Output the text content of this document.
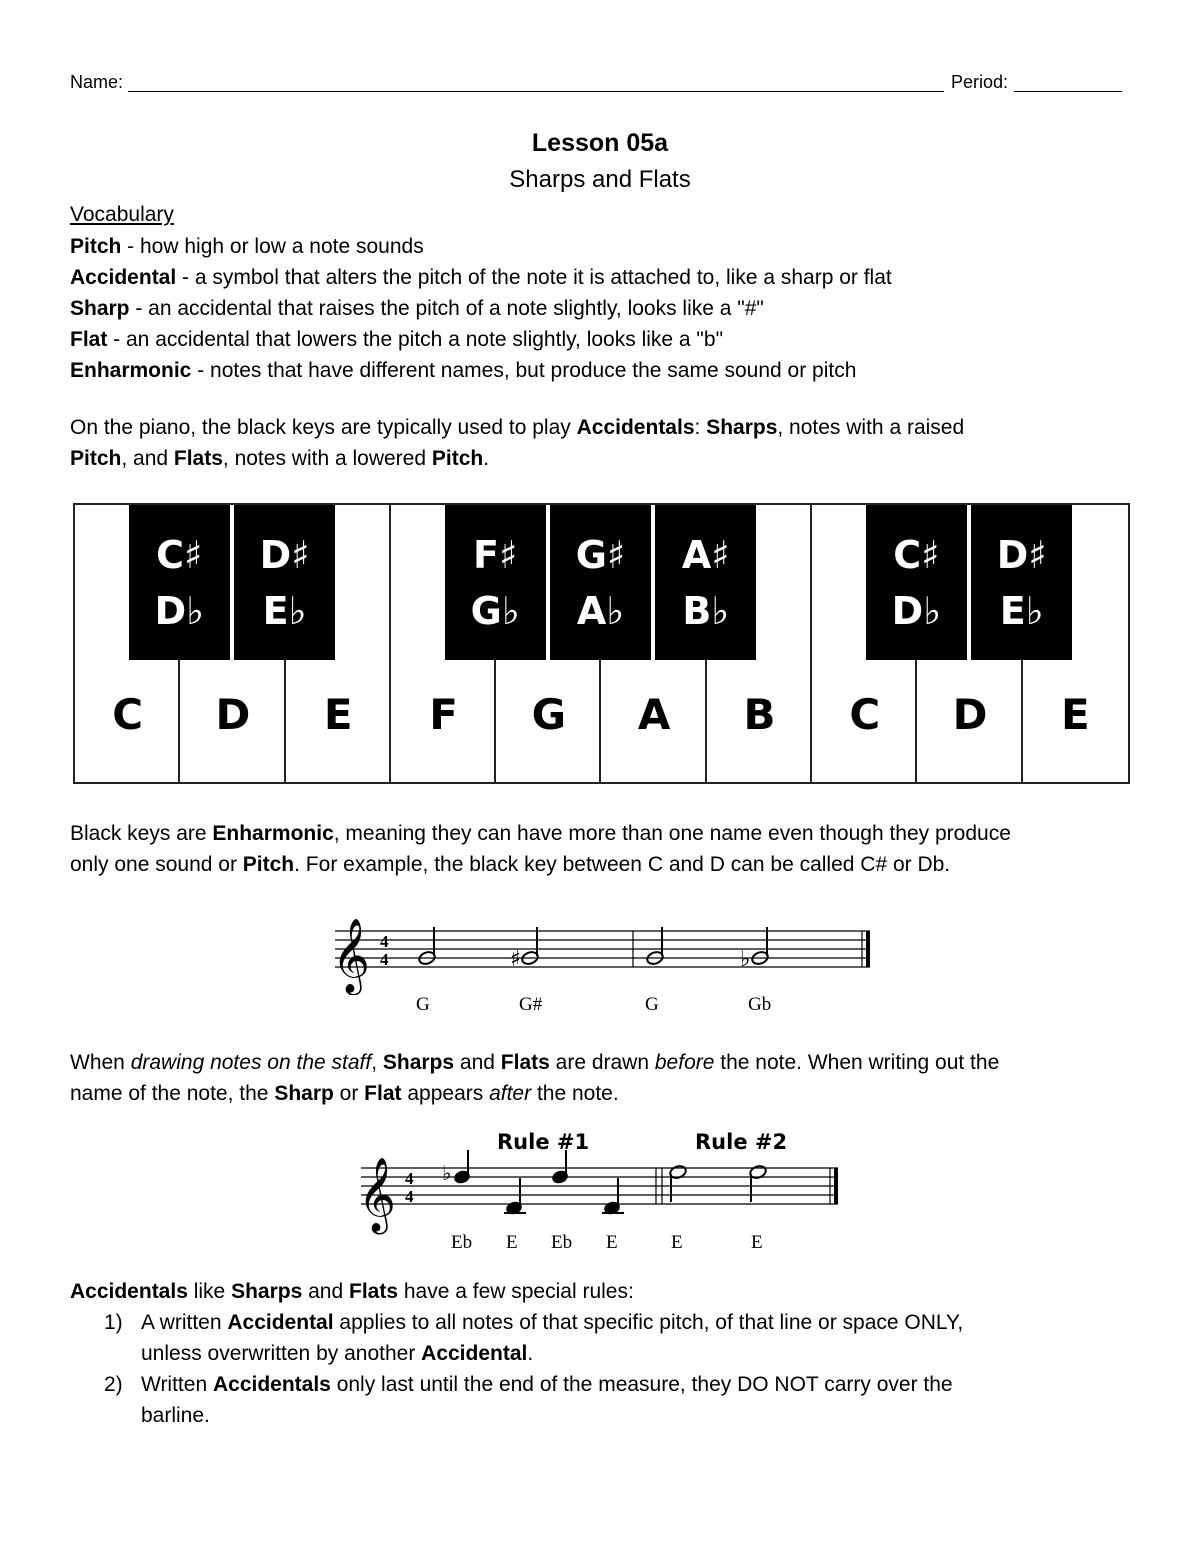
Name:	Period:
Lesson 05a
Sharps and Flats
Vocabulary
Pitch - how high or low a note sounds
Accidental - a symbol that alters the pitch of the note it is attached to, like a sharp or flat
Sharp - an accidental that raises the pitch of a note slightly, looks like a "#"
Flat - an accidental that lowers the pitch a note slightly, looks like a "b"
Enharmonic - notes that have different names, but produce the same sound or pitch
On the piano, the black keys are typically used to play Accidentals: Sharps, notes with a raised
Pitch, and Flats, notes with a lowered Pitch.
C	D	E	F	G	A	B	C	D	E
C♯
D♭
D♯
E♭
F♯
G♭
G♯
A♭
A♯
B♭
C♯
D♭
D♯
E♭
Black keys are Enharmonic, meaning they can have more than one name even though they produce
only one sound or Pitch. For example, the black key between C and D can be called C# or Db.
𝄞 4
4	♯	♭
G	G#	G	Gb
When drawing notes on the staff, Sharps and Flats are drawn before the note. When writing out the
name of the note, the Sharp or Flat appears after the note.
Rule #1	Rule #2
𝄞 4
4
♭
Eb E Eb E	E	E
Accidentals like Sharps and Flats have a few special rules:
1) A written Accidental applies to all notes of that specific pitch, of that line or space ONLY,
unless overwritten by another Accidental.
2) Written Accidentals only last until the end of the measure, they DO NOT carry over the
barline.
